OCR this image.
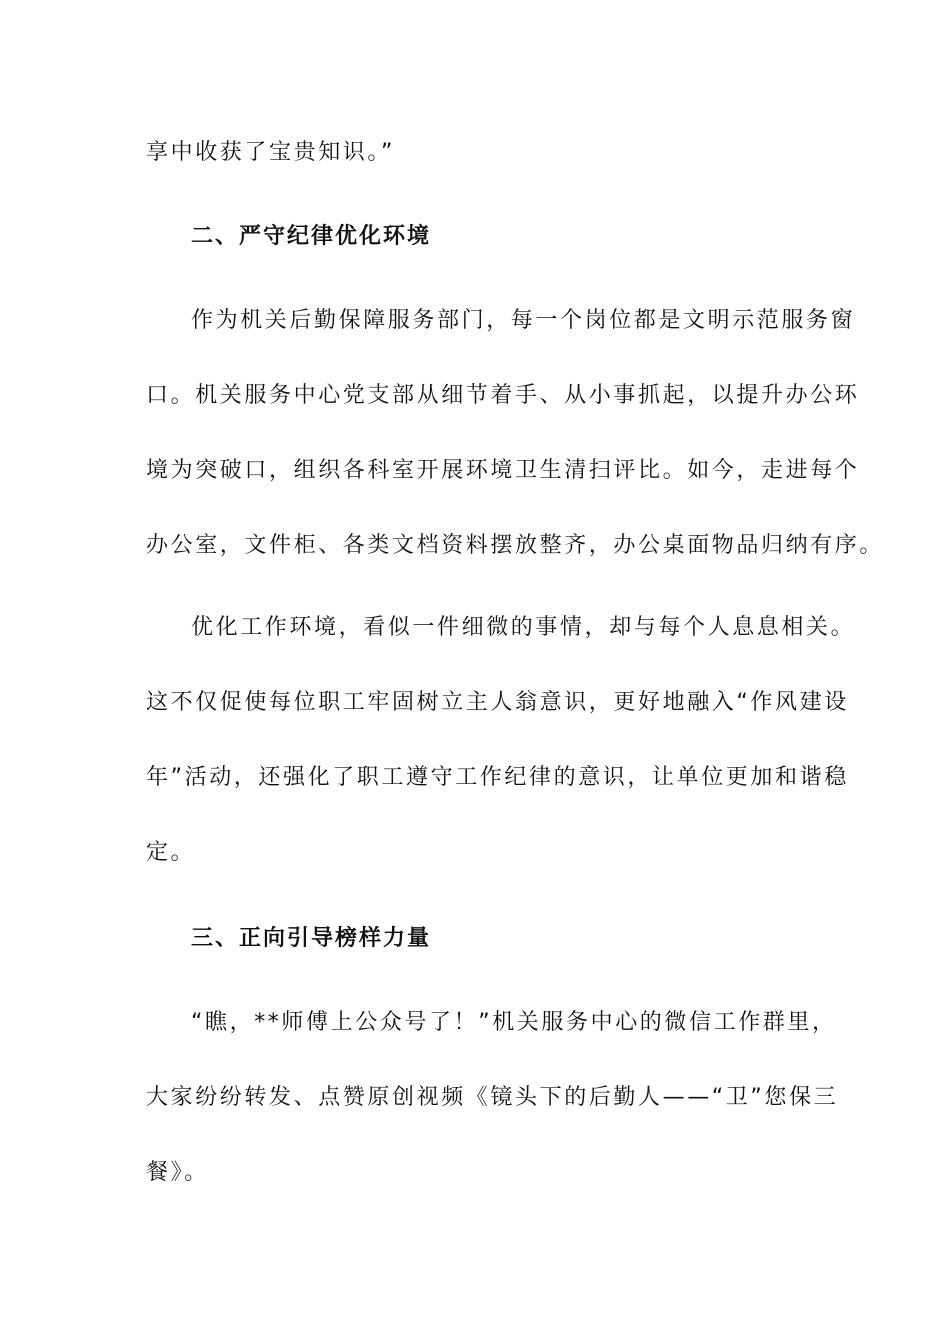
享中收获了宝贵知识。”
二、严守纪律优化环境
作为机关后勤保障服务部门，每一个岗位都是文明示范服务窗
口。机关服务中心党支部从细节着手、从小事抓起，以提升办公环
境为突破口，组织各科室开展环境卫生清扫评比。如今，走进每个
办公室，文件柜、各类文档资料摆放整齐，办公桌面物品归纳有序。
优化工作环境，看似一件细微的事情，却与每个人息息相关。
这不仅促使每位职工牢固树立主人翁意识，更好地融入“作风建设
年”活动，还强化了职工遵守工作纪律的意识，让单位更加和谐稳
定。
三、正向引导榜样力量
“瞧，**师傅上公众号了！”机关服务中心的微信工作群里，
大家纷纷转发、点赞原创视频《镜头下的后勤人——“卫”您保三
餐》。
